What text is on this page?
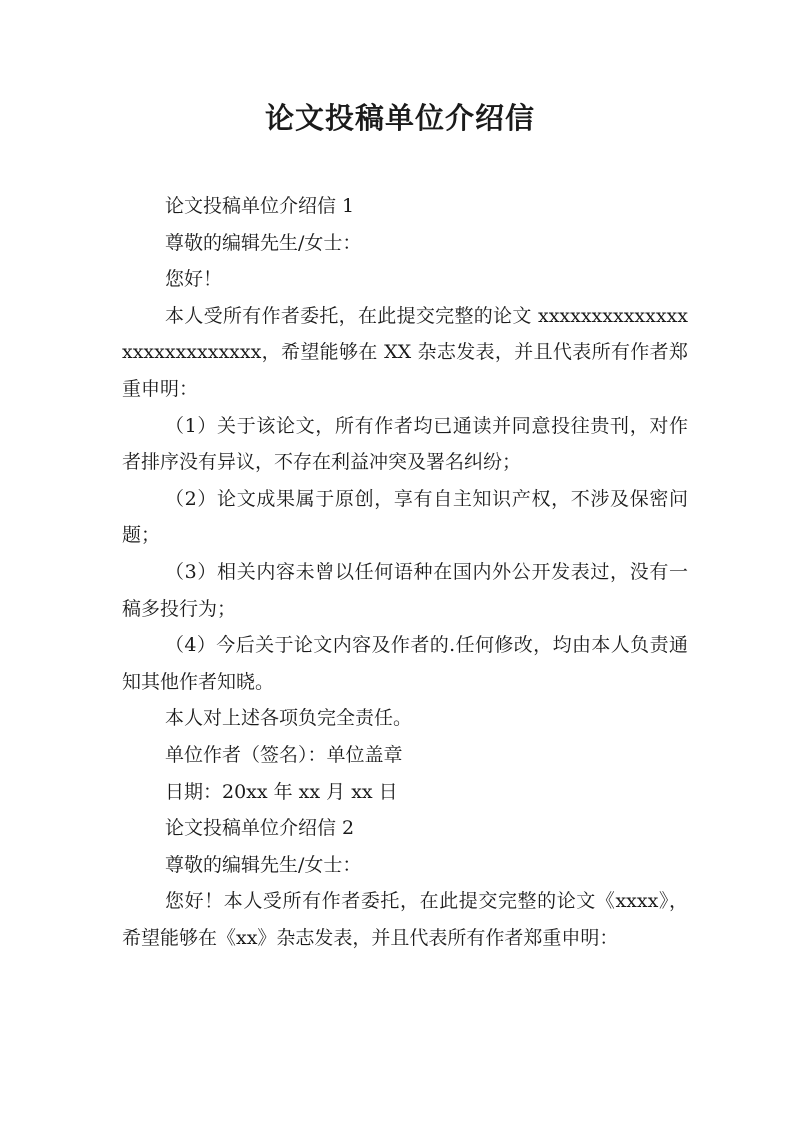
论文投稿单位介绍信

论文投稿单位介绍信 1

尊敬的编辑先生/女士：

您好！

本人受所有作者委托，在此提交完整的论文 xxxxxxxxxxxxxxxxxxxxxxxxxxx，希望能够在 XX 杂志发表，并且代表所有作者郑重申明：

（1）关于该论文，所有作者均已通读并同意投往贵刊，对作者排序没有异议，不存在利益冲突及署名纠纷；

（2）论文成果属于原创，享有自主知识产权，不涉及保密问题；

（3）相关内容未曾以任何语种在国内外公开发表过，没有一稿多投行为；

（4）今后关于论文内容及作者的.任何修改，均由本人负责通知其他作者知晓。

本人对上述各项负完全责任。

单位作者（签名）：单位盖章

日期：20xx 年 xx 月 xx 日

论文投稿单位介绍信 2

尊敬的编辑先生/女士：

您好！本人受所有作者委托，在此提交完整的论文《xxxx》，希望能够在《xx》杂志发表，并且代表所有作者郑重申明：
